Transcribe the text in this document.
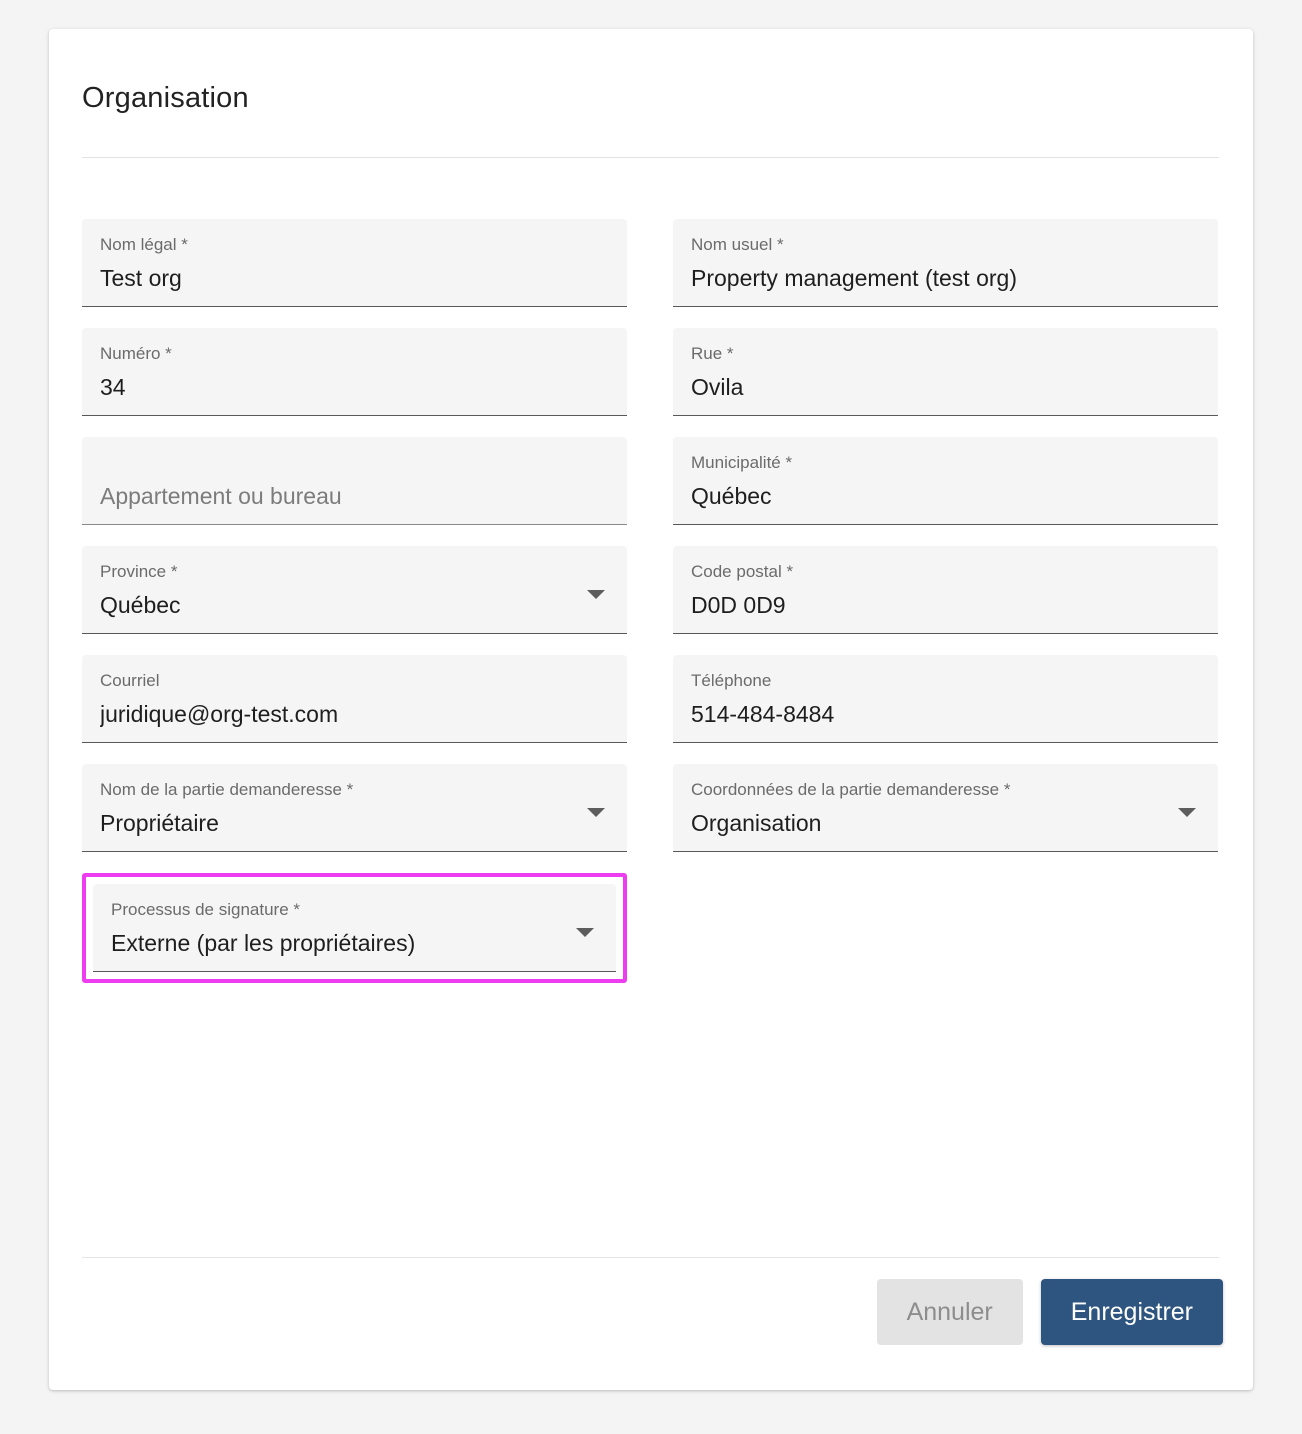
Organisation
Nom légal *
Test org
Nom usuel *
Property management (test org)
Numéro *
34
Rue *
Ovila
Appartement ou bureau
Municipalité *
Québec
Province *
Québec
Code postal *
D0D 0D9
Courriel
juridique@org-test.com
Téléphone
514-484-8484
Nom de la partie demanderesse *
Propriétaire
Coordonnées de la partie demanderesse *
Organisation
Processus de signature *
Externe (par les propriétaires)
Annuler	Enregistrer
